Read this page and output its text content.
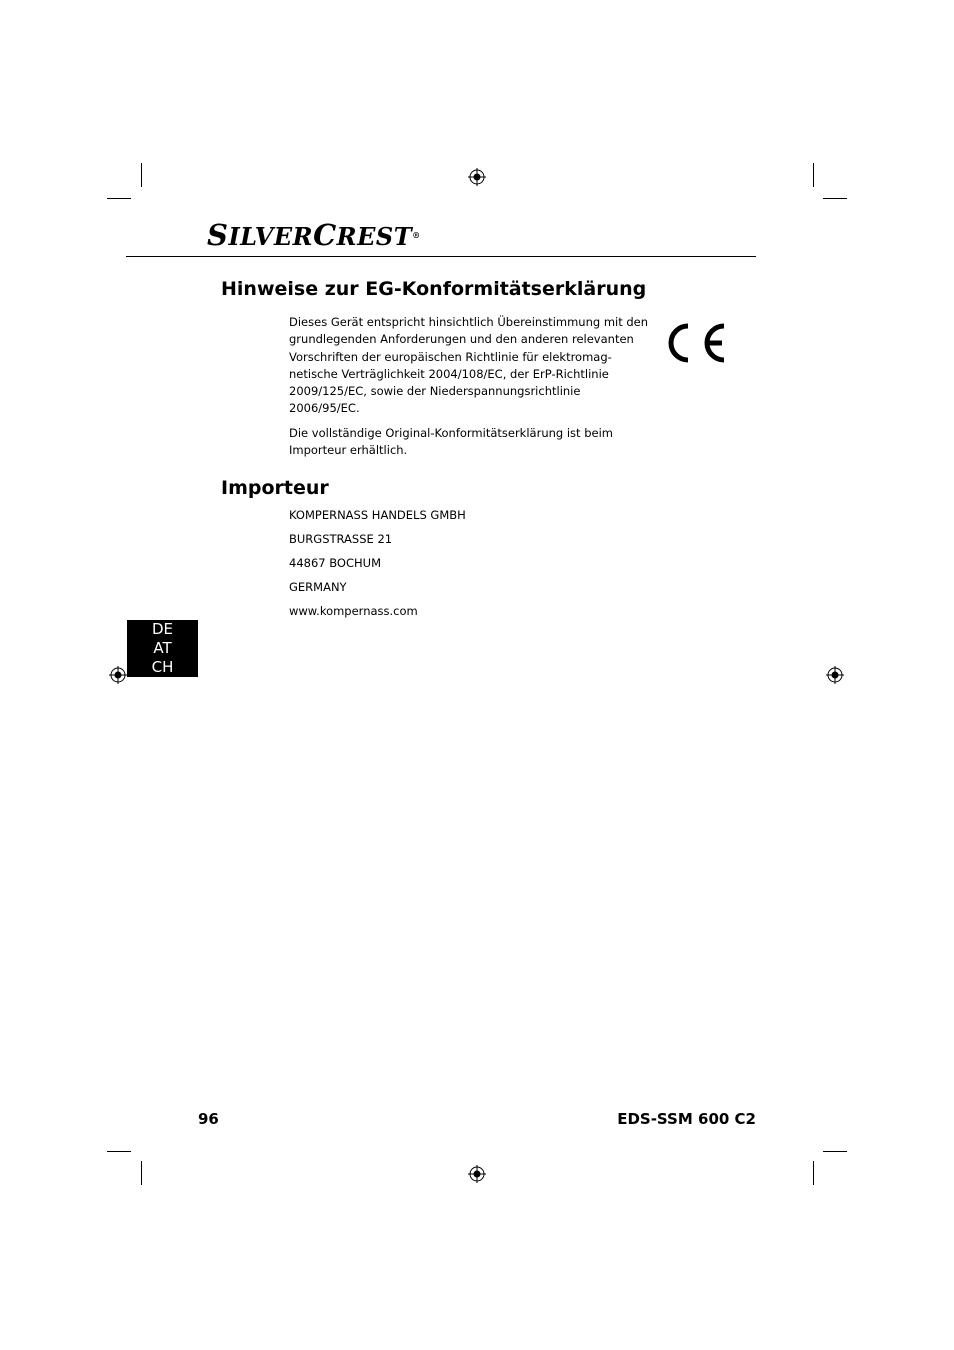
SILVERCREST®
Hinweise zur EG-Konformitätserklärung
Dieses Gerät entspricht hinsichtlich Übereinstimmung mit den
grundlegenden Anforderungen und den anderen relevanten
Vorschriften der europäischen Richtlinie für elektromag-
netische Verträglichkeit 2004/108/EC, der ErP-Richtlinie
2009/125/EC, sowie der Niederspannungsrichtlinie
2006/95/EC.
Die vollständige Original-Konformitätserklärung ist beim
Importeur erhältlich.
Importeur
KOMPERNASS HANDELS GMBH
BURGSTRASSE 21
44867 BOCHUM
GERMANY
www.kompernass.com
DE
AT
CH
96	EDS-SSM 600 C2
